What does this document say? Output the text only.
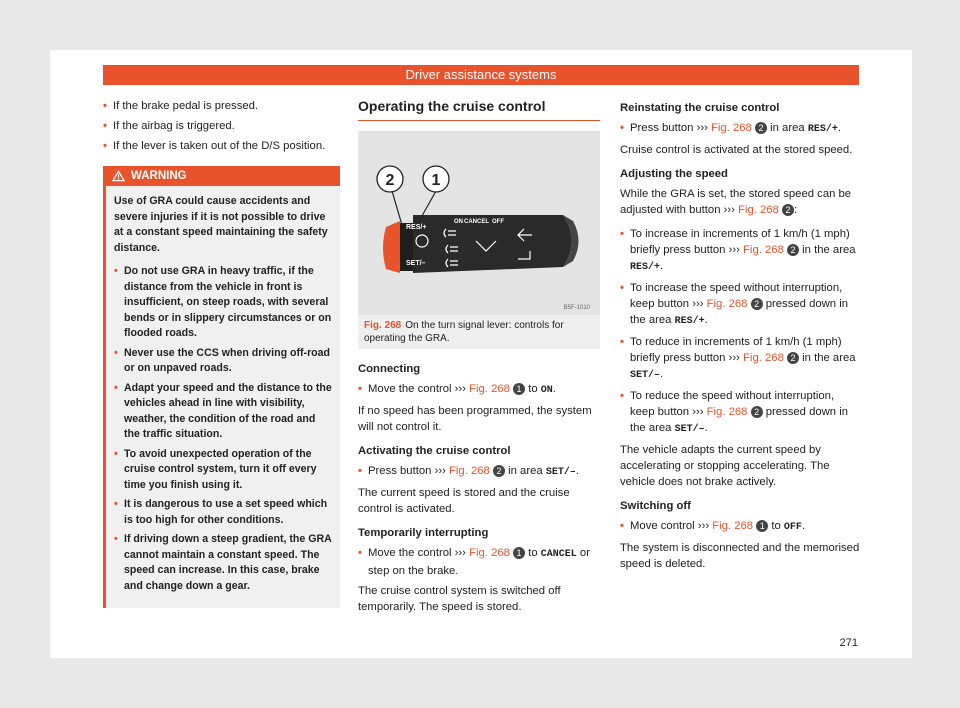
Driver assistance systems
• If the brake pedal is pressed.
• If the airbag is triggered.
• If the lever is taken out of the D/S position.
WARNING

Use of GRA could cause accidents and severe injuries if it is not possible to drive at a constant speed maintaining the safety distance.

• Do not use GRA in heavy traffic, if the distance from the vehicle in front is insufficient, on steep roads, with several bends or in slippery circumstances or on flooded roads.
• Never use the CCS when driving off-road or on unpaved roads.
• Adapt your speed and the distance to the vehicles ahead in line with visibility, weather, the condition of the road and the traffic situation.
• To avoid unexpected operation of the cruise control system, turn it off every time you finish using it.
• It is dangerous to use a set speed which is too high for other conditions.
• If driving down a steep gradient, the GRA cannot maintain a constant speed. The speed can increase. In this case, brake and change down a gear.
Operating the cruise control
2 1
RES/+
SET/–
ON CANCEL OFF
B5F-1010
Fig. 268 On the turn signal lever: controls for operating the GRA.
Connecting
• Move the control ››› Fig. 268 1 to ON.

If no speed has been programmed, the system will not control it.

Activating the cruise control
• Press button ››› Fig. 268 2 in area SET/–.

The current speed is stored and the cruise control is activated.

Temporarily interrupting
• Move the control ››› Fig. 268 1 to CANCEL or step on the brake.

The cruise control system is switched off temporarily. The speed is stored.

Reinstating the cruise control
• Press button ››› Fig. 268 2 in area RES/+.

Cruise control is activated at the stored speed.

Adjusting the speed

While the GRA is set, the stored speed can be adjusted with button ››› Fig. 268 2 :

• To increase in increments of 1 km/h (1 mph) briefly press button ››› Fig. 268 2 in the area RES/+.
• To increase the speed without interruption, keep button ››› Fig. 268 2 pressed down in the area RES/+.
• To reduce in increments of 1 km/h (1 mph) briefly press button ››› Fig. 268 2 in the area SET/–.
• To reduce the speed without interruption, keep button ››› Fig. 268 2 pressed down in the area SET/–.

The vehicle adapts the current speed by accelerating or stopping accelerating. The vehicle does not brake actively.

Switching off
• Move control ››› Fig. 268 1 to OFF.

The system is disconnected and the memorised speed is deleted.

271
